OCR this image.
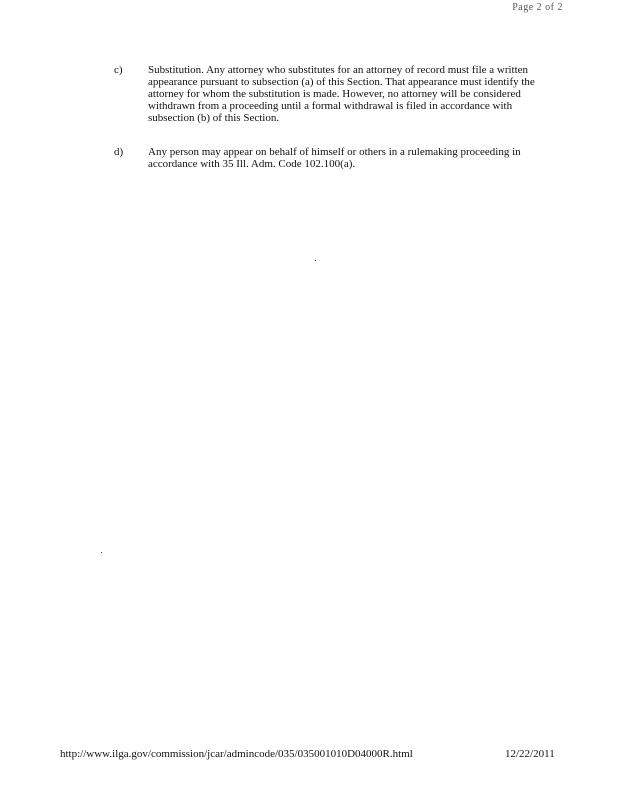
Page 2 of 2
c) Substitution. Any attorney who substitutes for an attorney of record must file a written appearance pursuant to subsection (a) of this Section. That appearance must identify the attorney for whom the substitution is made. However, no attorney will be considered withdrawn from a proceeding until a formal withdrawal is filed in accordance with subsection (b) of this Section.
d) Any person may appear on behalf of himself or others in a rulemaking proceeding in accordance with 35 Ill. Adm. Code 102.100(a).
http://www.ilga.gov/commission/jcar/admincode/035/035001010D04000R.html	12/22/2011
